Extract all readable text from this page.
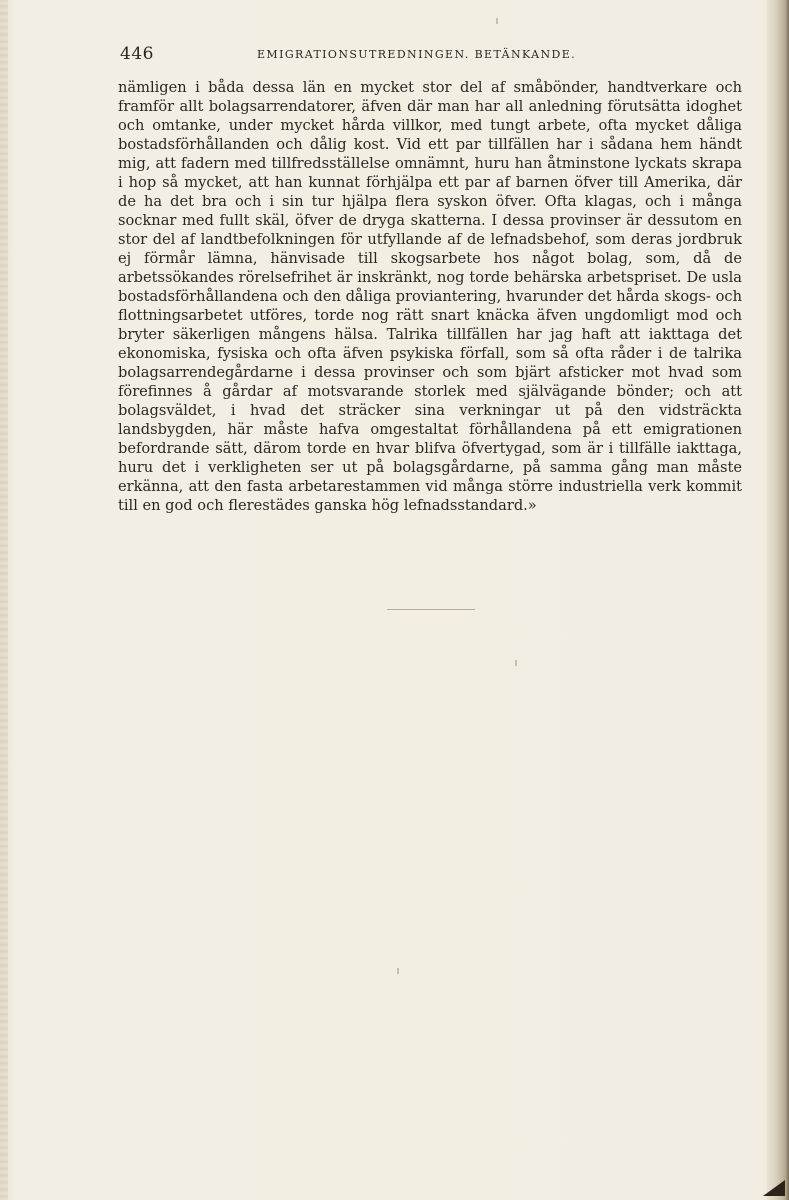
446	EMIGRATIONSUTREDNINGEN. BETÄNKANDE.

nämligen i båda dessa län en mycket stor del af småbönder, handtverkare och framför allt bolagsarrendatorer, äfven där man har all anledning förutsätta idoghet och omtanke, under mycket hårda villkor, med tungt arbete, ofta mycket dåliga bostadsförhållanden och dålig kost. Vid ett par tillfällen har i sådana hem händt mig, att fadern med tillfredsställelse omnämnt, huru han åtminstone lyckats skrapa i hop så mycket, att han kunnat förhjälpa ett par af barnen öfver till Amerika, där de ha det bra och i sin tur hjälpa flera syskon öfver. Ofta klagas, och i många socknar med fullt skäl, öfver de dryga skatterna. I dessa provinser är dessutom en stor del af landtbefolkningen för utfyllande af de lefnadsbehof, som deras jordbruk ej förmår lämna, hänvisade till skogsarbete hos något bolag, som, då de arbetssökandes rörelsefrihet är inskränkt, nog torde behärska arbetspriset. De usla bostadsförhållandena och den dåliga proviantering, hvarunder det hårda skogs- och flottningsarbetet utföres, torde nog rätt snart knäcka äfven ungdomligt mod och bryter säkerligen mångens hälsa. Talrika tillfällen har jag haft att iakttaga det ekonomiska, fysiska och ofta äfven psykiska förfall, som så ofta råder i de talrika bolagsarrendegårdarne i dessa provinser och som bjärt afsticker mot hvad som förefinnes å gårdar af motsvarande storlek med självägande bönder; och att bolagsväldet, i hvad det sträcker sina verkningar ut på den vidsträckta landsbygden, här måste hafva omgestaltat förhållandena på ett emigrationen befordrande sätt, därom torde en hvar blifva öfvertygad, som är i tillfälle iakttaga, huru det i verkligheten ser ut på bolagsgårdarne, på samma gång man måste erkänna, att den fasta arbetarestammen vid många större industriella verk kommit till en god och flerestädes ganska hög lefnadsstandard.»
